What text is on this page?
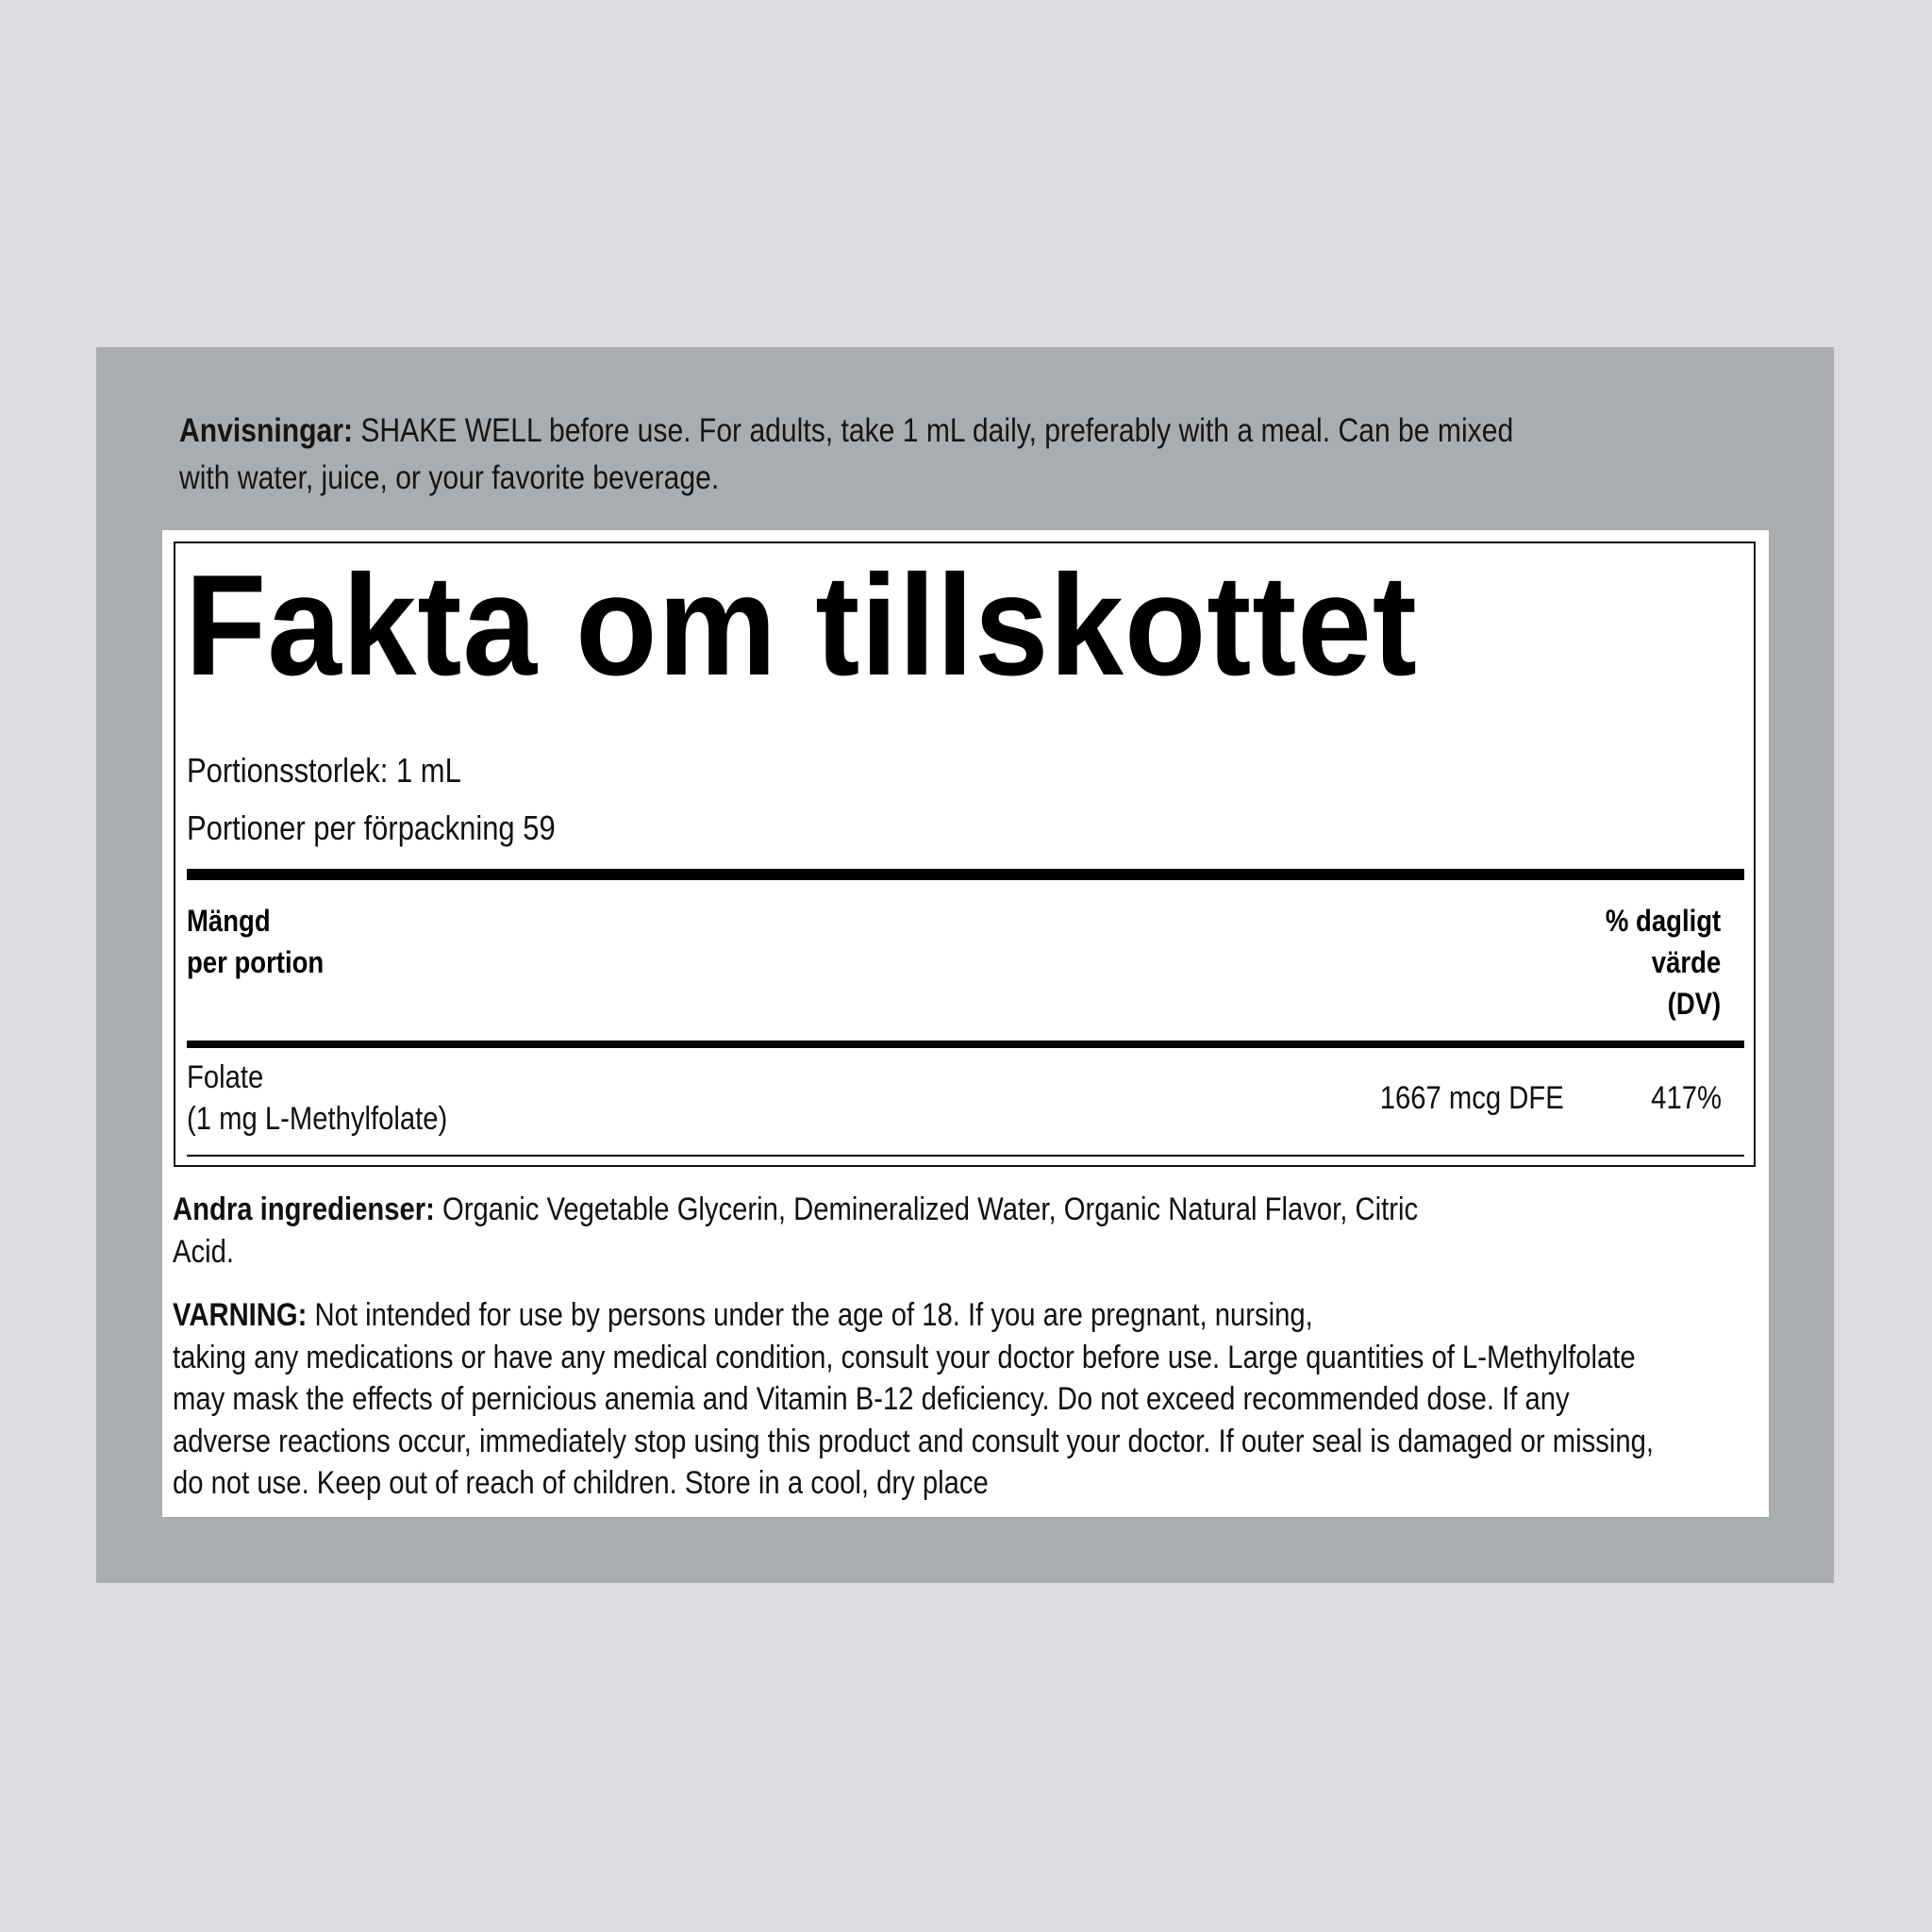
Anvisningar: SHAKE WELL before use. For adults, take 1 mL daily, preferably with a meal. Can be mixed
with water, juice, or your favorite beverage.
Fakta om tillskottet
Portionsstorlek: 1 mL
Portioner per förpackning 59
Mängd
per portion
% dagligt
värde
(DV)
Folate
(1 mg L-Methylfolate)
1667 mcg DFE	417%
Andra ingredienser: Organic Vegetable Glycerin, Demineralized Water, Organic Natural Flavor, Citric
Acid.
VARNING: Not intended for use by persons under the age of 18. If you are pregnant, nursing,
taking any medications or have any medical condition, consult your doctor before use. Large quantities of L-Methylfolate
may mask the effects of pernicious anemia and Vitamin B-12 deficiency. Do not exceed recommended dose. If any
adverse reactions occur, immediately stop using this product and consult your doctor. If outer seal is damaged or missing,
do not use. Keep out of reach of children. Store in a cool, dry place
